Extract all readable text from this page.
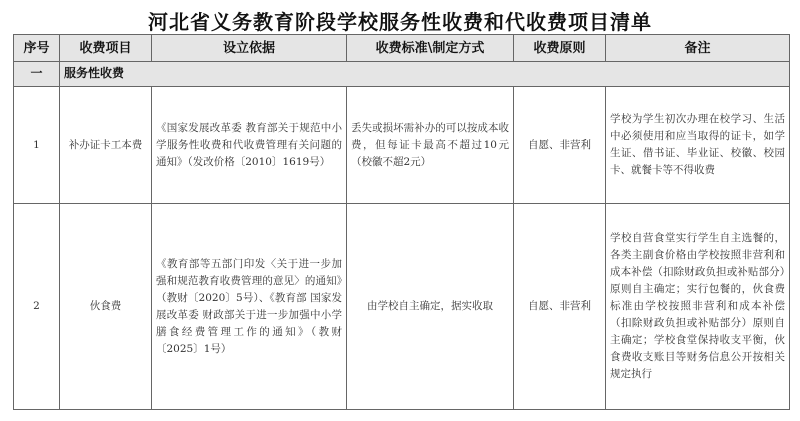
河北省义务教育阶段学校服务性收费和代收费项目清单
序号	收费项目	设立依据	收费标准\制定方式	收费原则	备注
一	服务性收费				
1	补办证卡工本费	《国家发展改革委 教育部关于规范中小学服务性收费和代收费管理有关问题的通知》（发改价格〔2010〕1619号）	丢失或损坏需补办的可以按成本收费，但每证卡最高不超过10元（校徽不超2元）	自愿、非营利	学校为学生初次办理在校学习、生活中必须使用和应当取得的证卡，如学生证、借书证、毕业证、校徽、校园卡、就餐卡等不得收费
2	伙食费	《教育部等五部门印发〈关于进一步加强和规范教育收费管理的意见〉的通知》（教财〔2020〕5号）、《教育部 国家发展改革委 财政部关于进一步加强中小学膳食经费管理工作的通知》（教财〔2025〕1号）	由学校自主确定，据实收取	自愿、非营利	学校自营食堂实行学生自主选餐的，各类主副食价格由学校按照非营利和成本补偿（扣除财政负担或补贴部分）原则自主确定；实行包餐的，伙食费标准由学校按照非营利和成本补偿（扣除财政负担或补贴部分）原则自主确定；学校食堂保持收支平衡，伙食费收支账目等财务信息公开按相关规定执行
